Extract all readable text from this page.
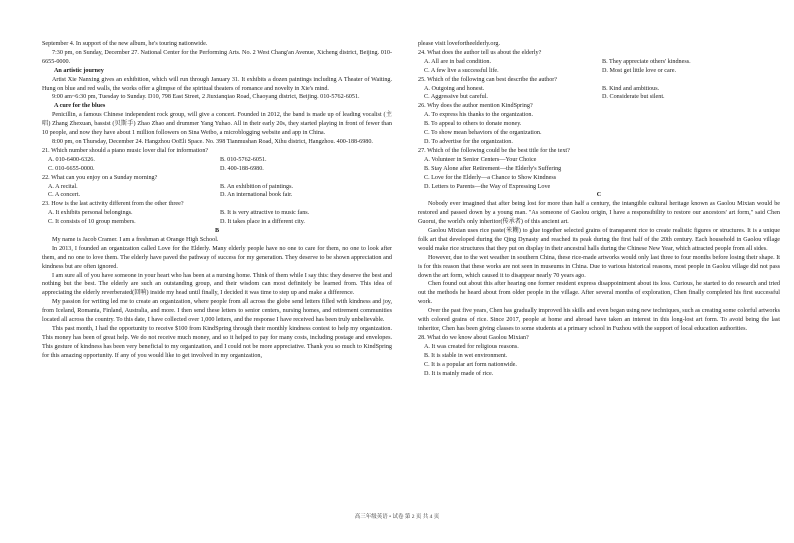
September 4. In support of the new album, he's touring nationwide.

7:30 pm, on Sunday, December 27. National Center for the Performing Arts. No. 2 West Chang'an Avenue, Xicheng district, Beijing. 010-6655-0000.

An artistic journey

Artist Xie Nanxing gives an exhibition, which will run through January 31. It exhibits a dozen paintings including A Theater of Waiting. Hung on blue and red walls, the works offer a glimpse of the spiritual theaters of romance and novelty in Xie's mind.

9:00 am~6:30 pm, Tuesday to Sunday. D10, 798 East Street, 2 Jiuxianqiao Road, Chaoyang district, Beijing. 010-5762-6051.

A cure for the blues

Penicillin, a famous Chinese independent rock group, will give a concert. Founded in 2012, the band is made up of leading vocalist (主唱) Zhang Zhexuan, bassist (贝斯手) Zhao Zhao and drummer Yang Yuhao. All in their early 20s, they started playing in front of fewer than 10 people, and now they have about 1 million followers on Sina Weibo, a microblogging website and app in China.

8:00 pm, on Thursday, December 24. Hangzhou OoEli Space. No. 398 Tianmushan Road, Xihu district, Hangzhou. 400-188-6980.

21. Which number should a piano music lover dial for information?

A. 010-6400-6326.	B. 010-5762-6051.
C. 010-6655-0000.	D. 400-188-6980.

22. What can you enjoy on a Sunday morning?

A. A recital.	B. An exhibition of paintings.
C. A concert.	D. An international book fair.

23. How is the last activity different from the other three?

A. It exhibits personal belongings.	B. It is very attractive to music fans.
C. It consists of 10 group members.	D. It takes place in a different city.

B

My name is Jacob Cramer. I am a freshman at Orange High School.

In 2013, I founded an organization called Love for the Elderly. Many elderly people have no one to care for them, no one to look after them, and no one to love them. The elderly have paved the pathway of success for my generation. They deserve to be shown appreciation and kindness but are often ignored.

I am sure all of you have someone in your heart who has been at a nursing home. Think of them while I say this: they deserve the best and nothing but the best. The elderly are such an outstanding group, and their wisdom can most definitely be learned from. This idea of appreciating the elderly reverberated(回响) inside my head until finally, I decided it was time to step up and make a difference.

My passion for writing led me to create an organization, where people from all across the globe send letters filled with kindness and joy, from Iceland, Romania, Finland, Australia, and more. I then send these letters to senior centers, nursing homes, and retirement communities located all across the country. To this date, I have collected over 1,000 letters, and the response I have received has been truly unbelievable.

This past month, I had the opportunity to receive $100 from KindSpring through their monthly kindness contest to help my organization. This money has been of great help. We do not receive much money, and so it helped to pay for many costs, including postage and envelopes. This gesture of kindness has been very beneficial to my organization, and I could not be more appreciative. Thank you so much to KindSpring for this amazing opportunity. If any of you would like to get involved in my organization,

please visit lovefortheelderly.org.

24. What does the author tell us about the elderly?

A. All are in bad condition.	B. They appreciate others' kindness.
C. A few live a successful life.	D. Most get little love or care.

25. Which of the following can best describe the author?

A. Outgoing and honest.	B. Kind and ambitious.
C. Aggressive but careful.	D. Considerate but silent.

26. Why does the author mention KindSpring?

A. To express his thanks to the organization.

B. To appeal to others to donate money.

C. To show mean behaviors of the organization.

D. To advertise for the organization.

27. Which of the following could be the best title for the text?

A. Volunteer in Senior Centers—Your Choice

B. Stay Alone after Retirement—the Elderly's Suffering

C. Love for the Elderly—a Chance to Show Kindness

D. Letters to Parents—the Way of Expressing Love

C

Nobody ever imagined that after being lost for more than half a century, the intangible cultural heritage known as Gaolou Mixian would be restored and passed down by a young man. "As someone of Gaolou origin, I have a responsibility to restore our ancestors' art form," said Chen Guorui, the world's only inheritor(传承者) of this ancient art.

Gaolou Mixian uses rice paste(米糊) to glue together selected grains of transparent rice to create realistic figures or structures. It is a unique folk art that developed during the Qing Dynasty and reached its peak during the first half of the 20th century. Each household in Gaolou village would make rice structures that they put on display in their ancestral halls during the Chinese New Year, which attracted people from all sides.

However, due to the wet weather in southern China, these rice-made artworks would only last three to four months before losing their shape. It is for this reason that these works are not seen in museums in China. Due to various historical reasons, most people in Gaolou village did not pass down the art form, which caused it to disappear nearly 70 years ago.

Chen found out about this after hearing one former resident express disappointment about its loss. Curious, he started to do research and tried out the methods he heard about from older people in the village. After several months of exploration, Chen finally completed his first successful work.

Over the past five years, Chen has gradually improved his skills and even began using new techniques, such as creating some colorful artworks with colored grains of rice. Since 2017, people at home and abroad have taken an interest in this long-lost art form. To avoid being the last inheritor, Chen has been giving classes to some students at a primary school in Fuzhou with the support of local education authorities.

28. What do we know about Gaolou Mixian?

A. It was created for religious reasons.

B. It is stable in wet environment.

C. It is a popular art form nationwide.

D. It is mainly made of rice.

高三年级英语 • 试卷 第 2 页 共 4 页
